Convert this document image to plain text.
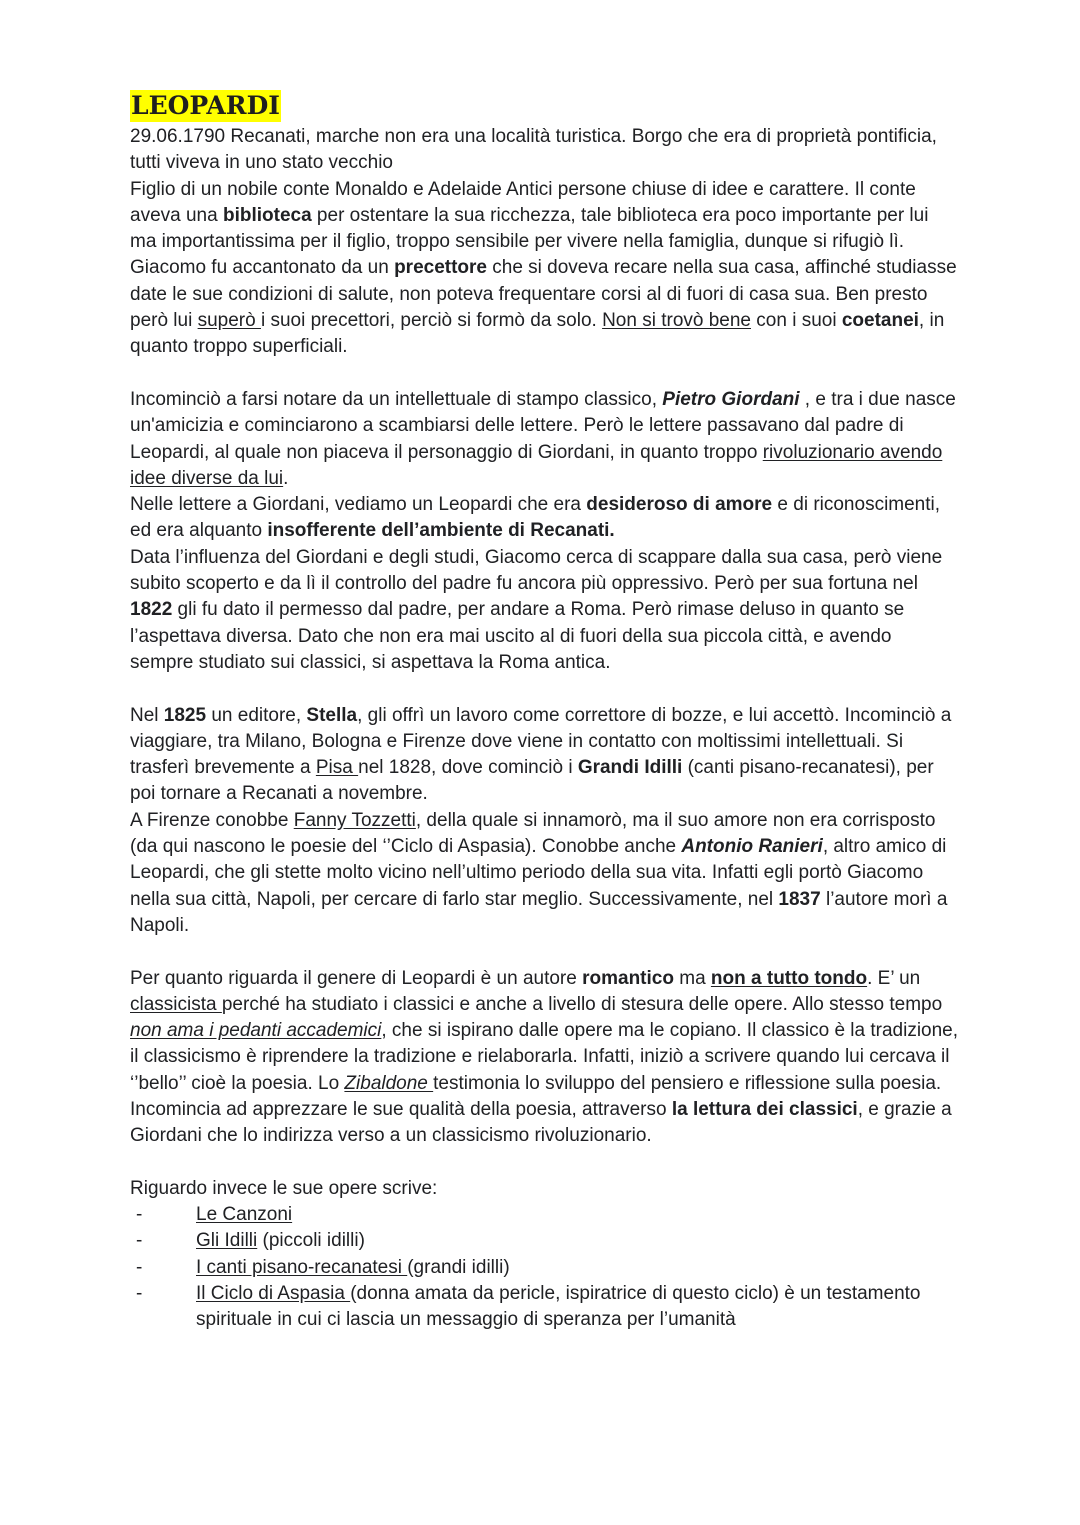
LEOPARDI

29.06.1790 Recanati, marche non era una località turistica. Borgo che era di proprietà pontificia, tutti viveva in uno stato vecchio

Figlio di un nobile conte Monaldo e Adelaide Antici persone chiuse di idee e carattere. Il conte aveva una biblioteca per ostentare la sua ricchezza, tale biblioteca era poco importante per lui ma importantissima per il figlio, troppo sensibile per vivere nella famiglia, dunque si rifugiò lì.

Giacomo fu accantonato da un precettore che si doveva recare nella sua casa, affinché studiasse date le sue condizioni di salute, non poteva frequentare corsi al di fuori di casa sua. Ben presto però lui superò i suoi precettori, perciò si formò da solo. Non si trovò bene con i suoi coetanei, in quanto troppo superficiali.

Incominciò a farsi notare da un intellettuale di stampo classico, Pietro Giordani , e tra i due nasce un'amicizia e cominciarono a scambiarsi delle lettere. Però le lettere passavano dal padre di Leopardi, al quale non piaceva il personaggio di Giordani, in quanto troppo rivoluzionario avendo idee diverse da lui.

Nelle lettere a Giordani, vediamo un Leopardi che era desideroso di amore e di riconoscimenti, ed era alquanto insofferente dell’ambiente di Recanati.

Data l’influenza del Giordani e degli studi, Giacomo cerca di scappare dalla sua casa, però viene subito scoperto e da lì il controllo del padre fu ancora più oppressivo. Però per sua fortuna nel 1822 gli fu dato il permesso dal padre, per andare a Roma. Però rimase deluso in quanto se l’aspettava diversa. Dato che non era mai uscito al di fuori della sua piccola città, e avendo sempre studiato sui classici, si aspettava la Roma antica.

Nel 1825 un editore, Stella, gli offrì un lavoro come correttore di bozze, e lui accettò. Incominciò a viaggiare, tra Milano, Bologna e Firenze dove viene in contatto con moltissimi intellettuali. Si trasferì brevemente a Pisa nel 1828, dove cominciò i Grandi Idilli (canti pisano-recanatesi), per poi tornare a Recanati a novembre.

A Firenze conobbe Fanny Tozzetti, della quale si innamorò, ma il suo amore non era corrisposto (da qui nascono le poesie del ‘’Ciclo di Aspasia). Conobbe anche Antonio Ranieri, altro amico di Leopardi, che gli stette molto vicino nell’ultimo periodo della sua vita. Infatti egli portò Giacomo nella sua città, Napoli, per cercare di farlo star meglio. Successivamente, nel 1837 l’autore morì a Napoli.

Per quanto riguarda il genere di Leopardi è un autore romantico ma non a tutto tondo. E’ un classicista perché ha studiato i classici e anche a livello di stesura delle opere. Allo stesso tempo non ama i pedanti accademici, che si ispirano dalle opere ma le copiano. Il classico è la tradizione, il classicismo è riprendere la tradizione e rielaborarla. Infatti, iniziò a scrivere quando lui cercava il ‘’bello’’ cioè la poesia. Lo Zibaldone testimonia lo sviluppo del pensiero e riflessione sulla poesia. Incomincia ad apprezzare le sue qualità della poesia, attraverso la lettura dei classici, e grazie a Giordani che lo indirizza verso a un classicismo rivoluzionario.

Riguardo invece le sue opere scrive:

-	Le Canzoni
-	Gli Idilli (piccoli idilli)
-	I canti pisano-recanatesi (grandi idilli)
-	Il Ciclo di Aspasia (donna amata da pericle, ispiratrice di questo ciclo) è un testamento spirituale in cui ci lascia un messaggio di speranza per l’umanità
